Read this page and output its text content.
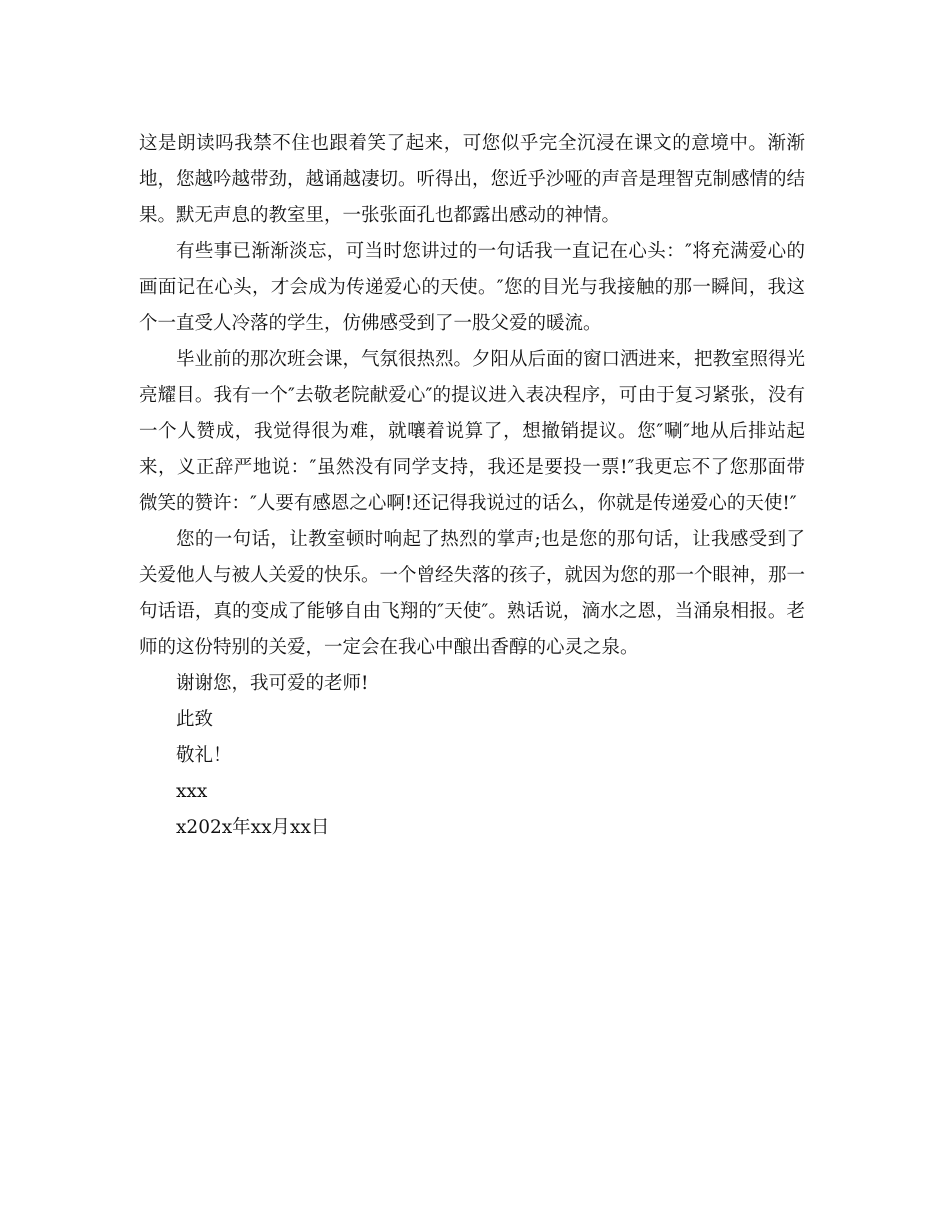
这是朗读吗我禁不住也跟着笑了起来，可您似乎完全沉浸在课文的意境中。渐渐地，您越吟越带劲，越诵越凄切。听得出，您近乎沙哑的声音是理智克制感情的结果。默无声息的教室里，一张张面孔也都露出感动的神情。

有些事已渐渐淡忘，可当时您讲过的一句话我一直记在心头：″将充满爱心的画面记在心头，才会成为传递爱心的天使。″您的目光与我接触的那一瞬间，我这个一直受人冷落的学生，仿佛感受到了一股父爱的暖流。

毕业前的那次班会课，气氛很热烈。夕阳从后面的窗口洒进来，把教室照得光亮耀目。我有一个″去敬老院献爱心″的提议进入表决程序，可由于复习紧张，没有一个人赞成，我觉得很为难，就嚷着说算了，想撤销提议。您″唰″地从后排站起来，义正辞严地说：″虽然没有同学支持，我还是要投一票!″我更忘不了您那面带微笑的赞许：″人要有感恩之心啊!还记得我说过的话么，你就是传递爱心的天使!″

您的一句话，让教室顿时响起了热烈的掌声;也是您的那句话，让我感受到了关爱他人与被人关爱的快乐。一个曾经失落的孩子，就因为您的那一个眼神，那一句话语，真的变成了能够自由飞翔的″天使″。熟话说，滴水之恩，当涌泉相报。老师的这份特别的关爱，一定会在我心中酿出香醇的心灵之泉。

谢谢您，我可爱的老师!

此致

敬礼！

xxx

x202x年xx月xx日
